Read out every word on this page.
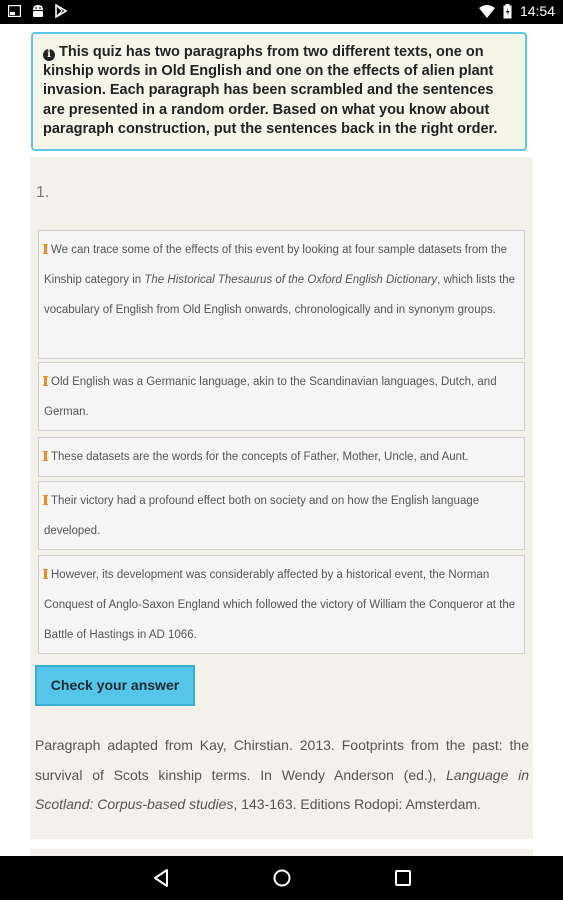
14:54
i This quiz has two paragraphs from two different texts, one on kinship words in Old English and one on the effects of alien plant invasion. Each paragraph has been scrambled and the sentences are presented in a random order. Based on what you know about paragraph construction, put the sentences back in the right order.
1.
We can trace some of the effects of this event by looking at four sample datasets from the Kinship category in The Historical Thesaurus of the Oxford English Dictionary, which lists the vocabulary of English from Old English onwards, chronologically and in synonym groups.
Old English was a Germanic language, akin to the Scandinavian languages, Dutch, and German.
These datasets are the words for the concepts of Father, Mother, Uncle, and Aunt.
Their victory had a profound effect both on society and on how the English language developed.
However, its development was considerably affected by a historical event, the Norman Conquest of Anglo-Saxon England which followed the victory of William the Conqueror at the Battle of Hastings in AD 1066.
Check your answer
Paragraph adapted from Kay, Chirstian. 2013. Footprints from the past: the survival of Scots kinship terms. In Wendy Anderson (ed.), Language in Scotland: Corpus-based studies, 143-163. Editions Rodopi: Amsterdam.
